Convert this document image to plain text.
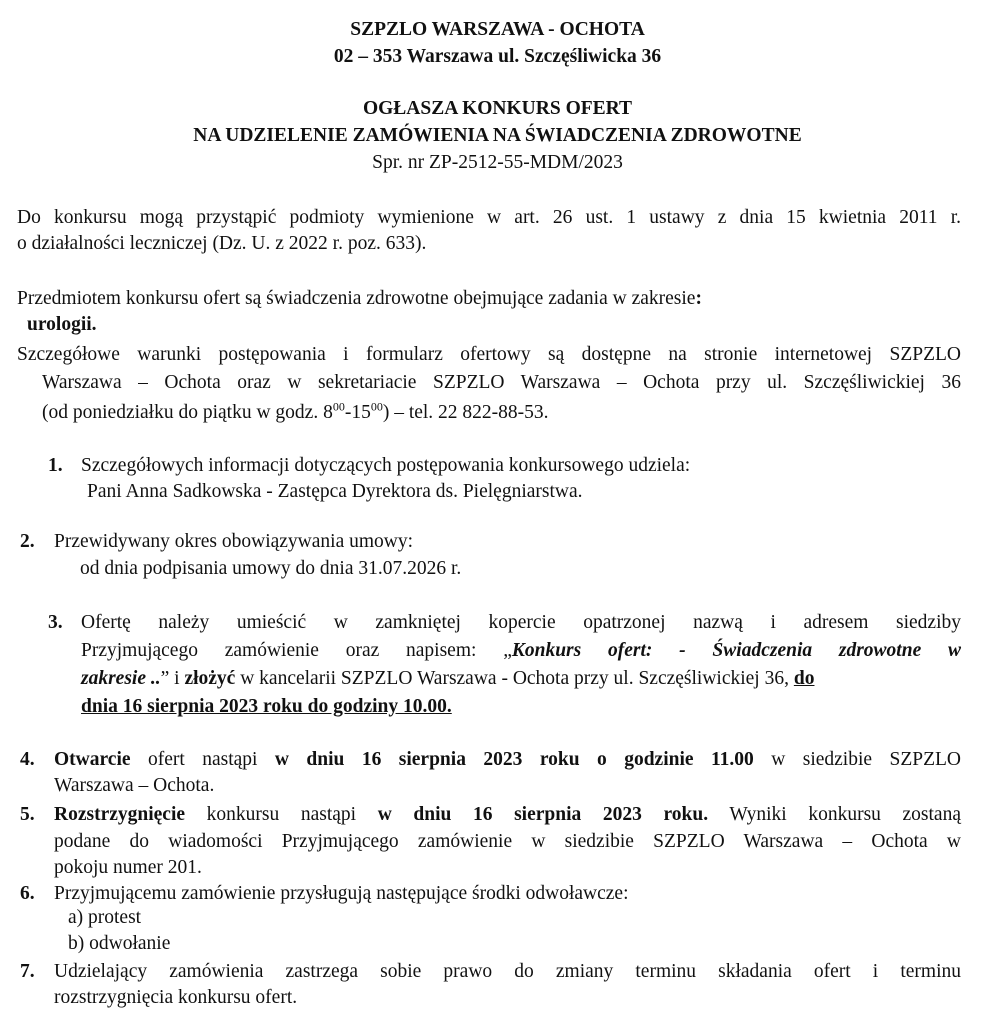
SZPZLO WARSZAWA - OCHOTA
02 – 353 Warszawa ul. Szczęśliwicka 36
OGŁASZA KONKURS OFERT
NA UDZIELENIE ZAMÓWIENIA NA ŚWIADCZENIA ZDROWOTNE
Spr. nr ZP-2512-55-MDM/2023
Do konkursu mogą przystąpić podmioty wymienione w art. 26 ust. 1 ustawy z dnia 15 kwietnia 2011 r.
o działalności leczniczej (Dz. U. z 2022 r. poz. 633).
Przedmiotem konkursu ofert są świadczenia zdrowotne obejmujące zadania w zakresie:
urologii.
Szczegółowe warunki postępowania i formularz ofertowy są dostępne na stronie internetowej SZPZLO
Warszawa – Ochota oraz w sekretariacie SZPZLO Warszawa – Ochota przy ul. Szczęśliwickiej 36
(od poniedziałku do piątku w godz. $8^{00}-15^{00}$) – tel. 22 822-88-53.
1. Szczegółowych informacji dotyczących postępowania konkursowego udziela:
Pani Anna Sadkowska - Zastępca Dyrektora ds. Pielęgniarstwa.
2. Przewidywany okres obowiązywania umowy:
od dnia podpisania umowy do dnia 31.07.2026 r.
3. Ofertę należy umieścić w zamkniętej kopercie opatrzonej nazwą i adresem siedziby
Przyjmującego zamówienie oraz napisem: „Konkurs ofert: - Świadczenia zdrowotne w
zakresie ..” i złożyć w kancelarii SZPZLO Warszawa - Ochota przy ul. Szczęśliwickiej 36, do
dnia 16 sierpnia 2023 roku do godziny 10.00.
4. Otwarcie ofert nastąpi w dniu 16 sierpnia 2023 roku o godzinie 11.00 w siedzibie SZPZLO
Warszawa – Ochota.
5. Rozstrzygnięcie konkursu nastąpi w dniu 16 sierpnia 2023 roku. Wyniki konkursu zostaną
podane do wiadomości Przyjmującego zamówienie w siedzibie SZPZLO Warszawa – Ochota w
pokoju numer 201.
6. Przyjmującemu zamówienie przysługują następujące środki odwoławcze:
a) protest
b) odwołanie
7. Udzielający zamówienia zastrzega sobie prawo do zmiany terminu składania ofert i terminu
rozstrzygnięcia konkursu ofert.
